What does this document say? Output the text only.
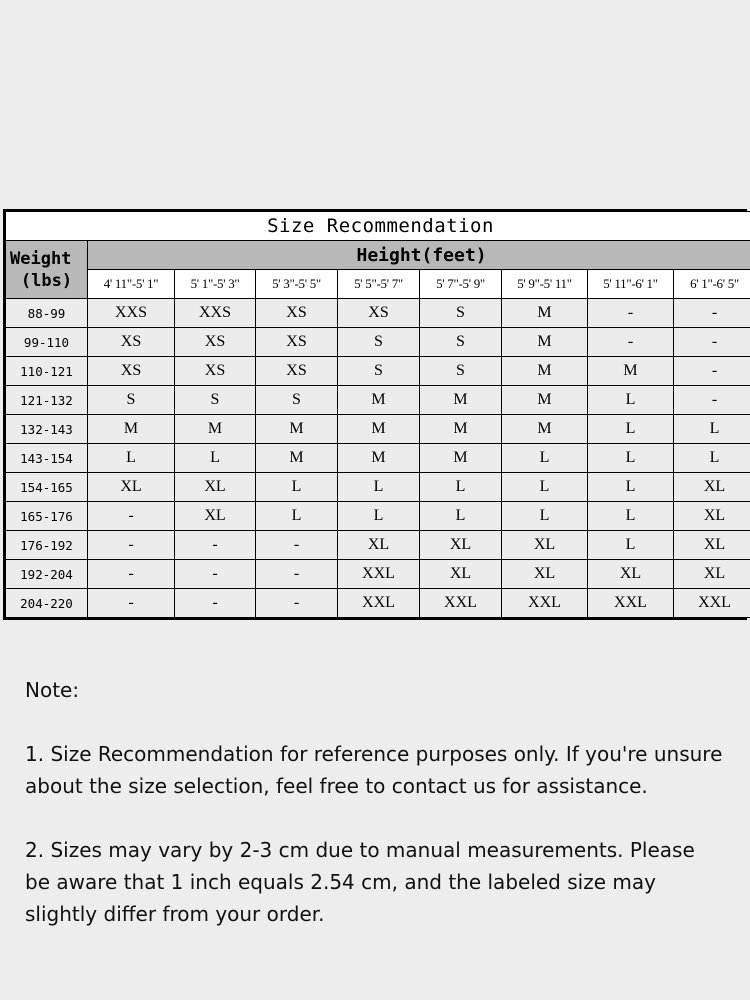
Size Recommendation								

Weight
(lbs)	Height(feet)							
	4' 11"-5' 1"	5' 1"-5' 3"	5' 3"-5' 5"	5' 5"-5' 7"	5' 7"-5' 9"	5' 9"-5' 11"	5' 11"-6' 1"	6' 1"-6' 5"
88-99	XXS	XXS	XS	XS	S	M	-	-
99-110	XS	XS	XS	S	S	M	-	-
110-121	XS	XS	XS	S	S	M	M	-
121-132	S	S	S	M	M	M	L	-
132-143	M	M	M	M	M	M	L	L
143-154	L	L	M	M	M	L	L	L
154-165	XL	XL	L	L	L	L	L	XL
165-176	-	XL	L	L	L	L	L	XL
176-192	-	-	-	XL	XL	XL	L	XL
192-204	-	-	-	XXL	XL	XL	XL	XL
204-220	-	-	-	XXL	XXL	XXL	XXL	XXL

Note:

1. Size Recommendation for reference purposes only. If you're unsure about the size selection, feel free to contact us for assistance.

2. Sizes may vary by 2-3 cm due to manual measurements. Please be aware that 1 inch equals 2.54 cm, and the labeled size may slightly differ from your order.
